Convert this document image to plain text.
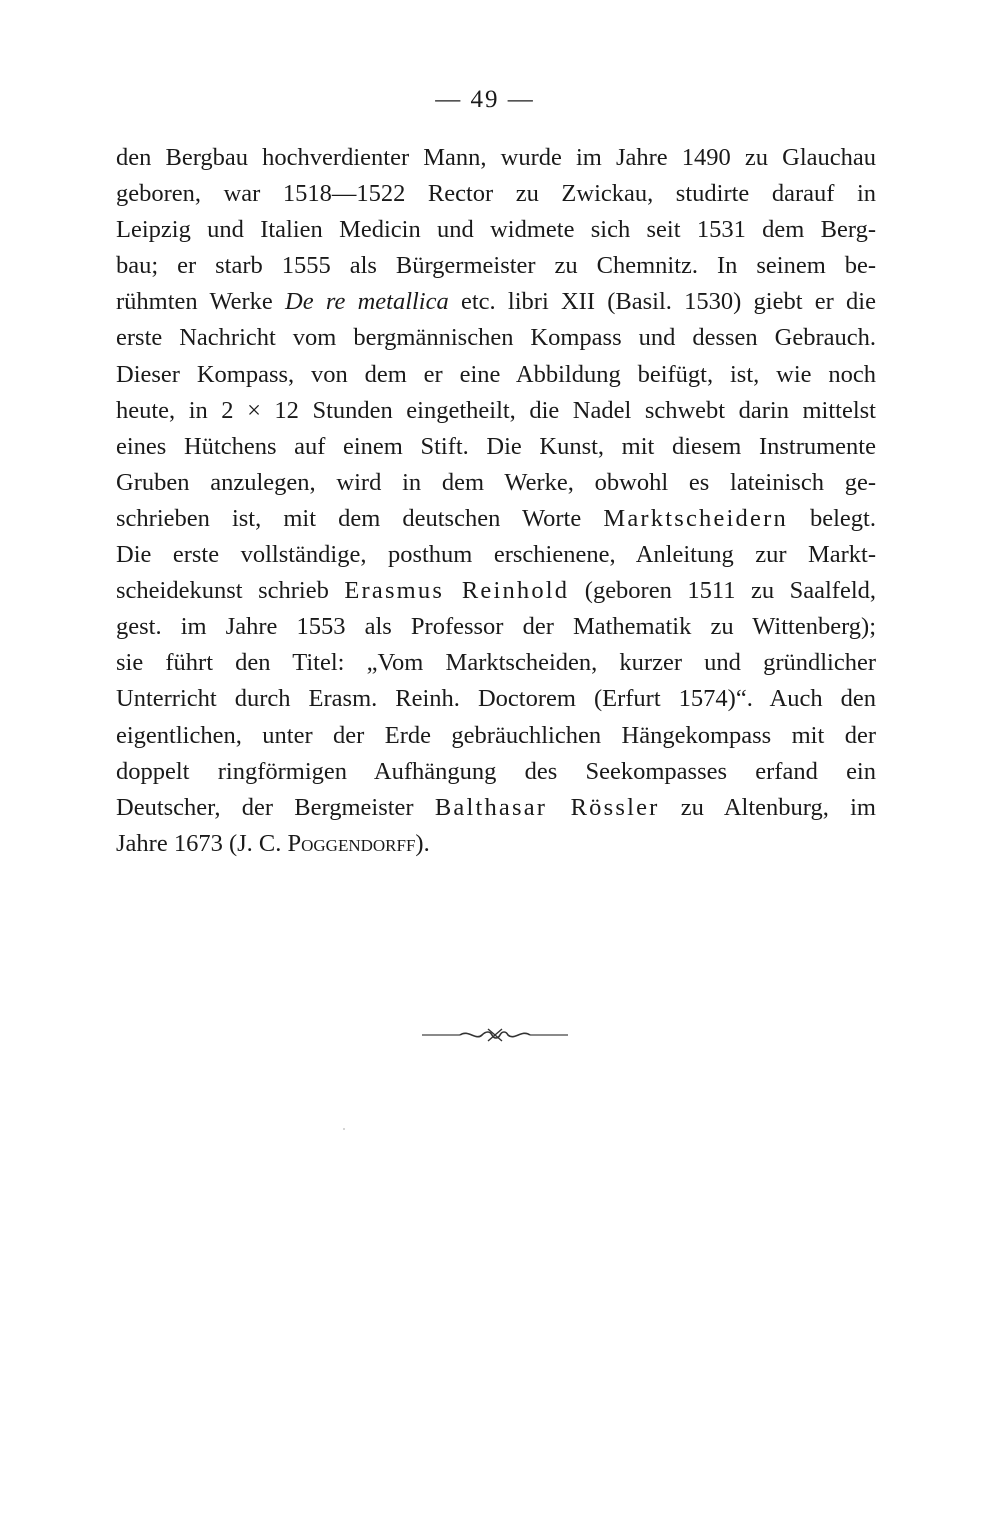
— 49 —
den Bergbau hochverdienter Mann, wurde im Jahre 1490 zu Glauchau
geboren, war 1518—1522 Rector zu Zwickau, studirte darauf in
Leipzig und Italien Medicin und widmete sich seit 1531 dem Berg-
bau; er starb 1555 als Bürgermeister zu Chemnitz. In seinem be-
rühmten Werke De re metallica etc. libri XII (Basil. 1530) giebt er die
erste Nachricht vom bergmännischen Kompass und dessen Gebrauch.
Dieser Kompass, von dem er eine Abbildung beifügt, ist, wie noch
heute, in 2 × 12 Stunden eingetheilt, die Nadel schwebt darin mittelst
eines Hütchens auf einem Stift. Die Kunst, mit diesem Instrumente
Gruben anzulegen, wird in dem Werke, obwohl es lateinisch ge-
schrieben ist, mit dem deutschen Worte Marktscheidern belegt.
Die erste vollständige, posthum erschienene, Anleitung zur Markt-
scheidekunst schrieb Erasmus Reinhold (geboren 1511 zu Saalfeld,
gest. im Jahre 1553 als Professor der Mathematik zu Wittenberg);
sie führt den Titel: „Vom Marktscheiden, kurzer und gründlicher
Unterricht durch Erasm. Reinh. Doctorem (Erfurt 1574)“. Auch den
eigentlichen, unter der Erde gebräuchlichen Hängekompass mit der
doppelt ringförmigen Aufhängung des Seekompasses erfand ein
Deutscher, der Bergmeister Balthasar Rössler zu Altenburg, im
Jahre 1673 (J. C. Poggendorff).
